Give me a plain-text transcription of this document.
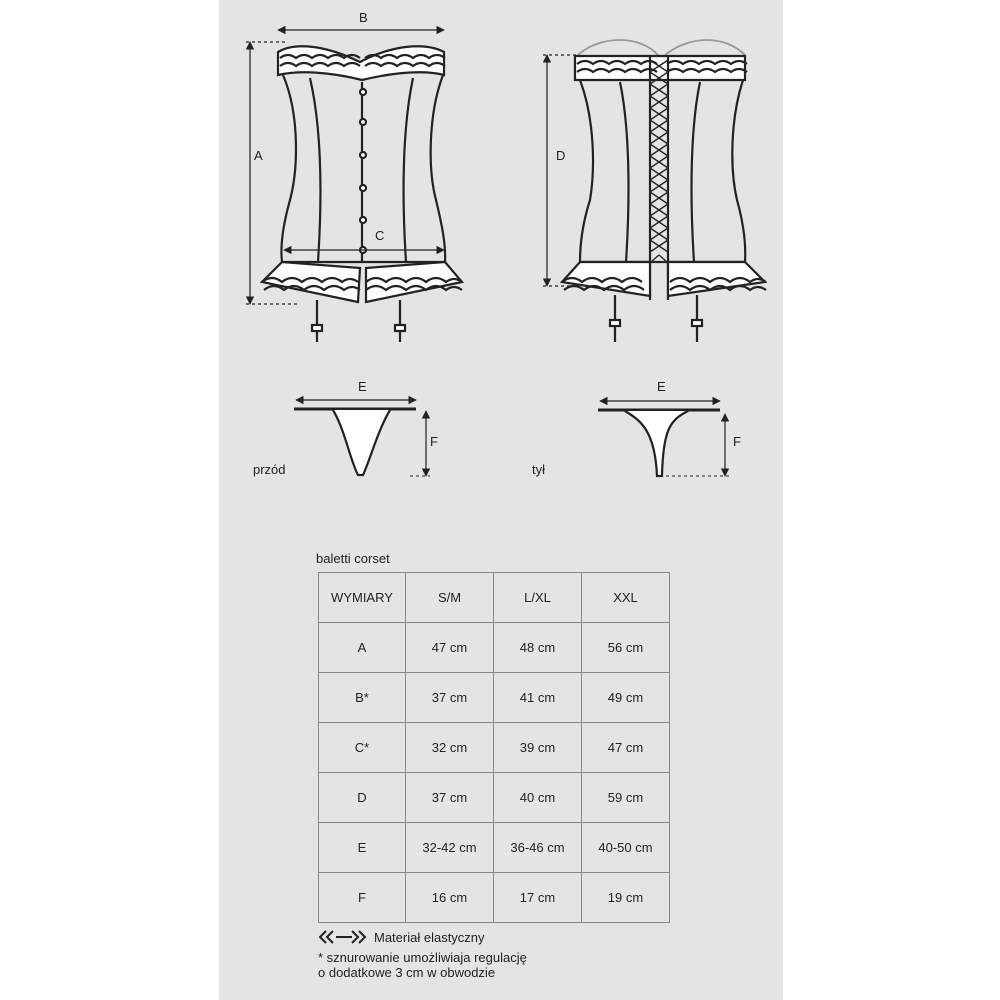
B
A
C
D
E
F
przód
E
F
tył
baletti corset
WYMIARY	S/M	L/XL	XXL
A	47 cm	48 cm	56 cm
B*	37 cm	41 cm	49 cm
C*	32 cm	39 cm	47 cm
D	37 cm	40 cm	59 cm
E	32-42 cm	36-46 cm	40-50 cm
F	16 cm	17 cm	19 cm
Materiał elastyczny
* sznurowanie umożliwiaja regulację
o dodatkowe 3 cm w obwodzie
